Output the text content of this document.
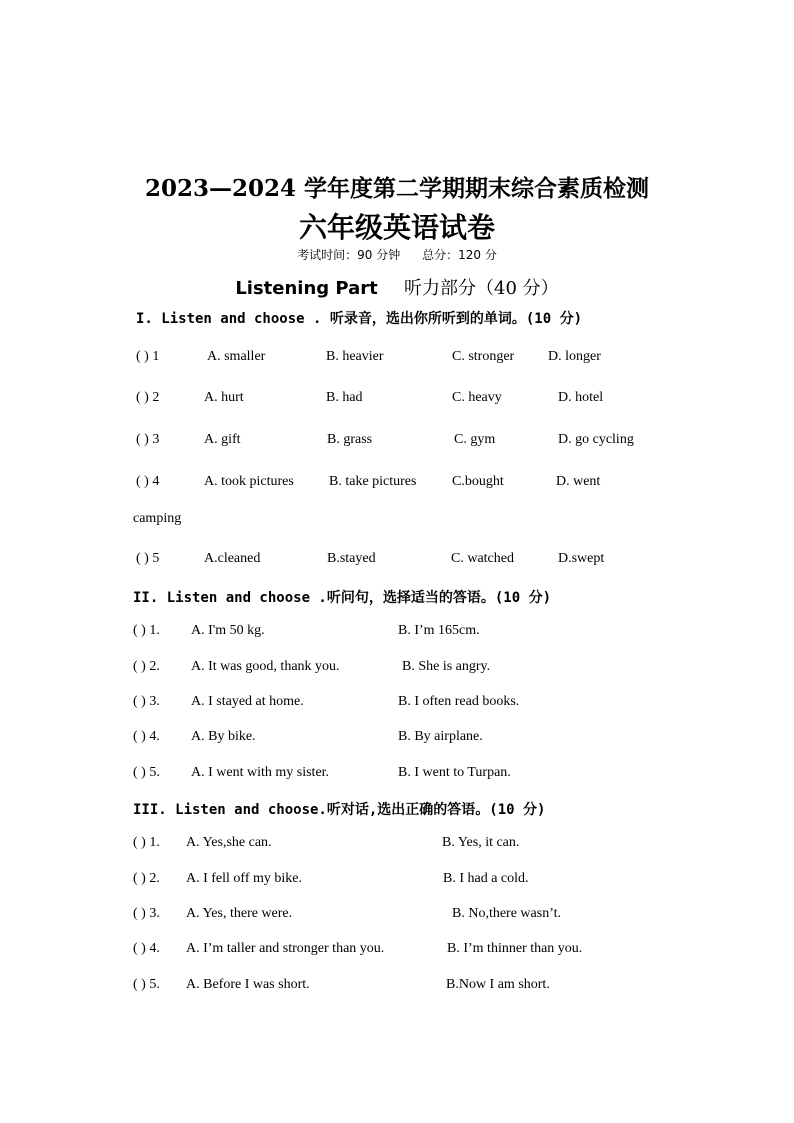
2023—2024 学年度第二学期期末综合素质检测
六年级英语试卷
考试时间：90 分钟 总分：120 分
Listening Part 听力部分（40 分）
I. Listen and choose . 听录音，选出你所听到的单词。(10 分)
( ) 1	A. smaller	B. heavier	C. stronger D. longer
( ) 2	A. hurt	B. had	C. heavy	D. hotel
( ) 3	A. gift	B. grass	C. gym	D. go cycling
( ) 4	A. took pictures	B. take pictures	C.bought	D. went
camping
( ) 5	A.cleaned	B.stayed	C. watched	D.swept
II. Listen and choose .听问句，选择适当的答语。(10 分)
( ) 1. A. I'm 50 kg.	B. I’m 165cm.
( ) 2. A. It was good, thank you.	B. She is angry.
( ) 3. A. I stayed at home.	B. I often read books.
( ) 4. A. By bike.	B. By airplane.
( ) 5. A. I went with my sister.	B. I went to Turpan.
III. Listen and choose.听对话,选出正确的答语。(10 分)
( ) 1. A. Yes,she can.	B. Yes, it can.
( ) 2. A. I fell off my bike.	B. I had a cold.
( ) 3. A. Yes, there were.	B. No,there wasn’t.
( ) 4. A. I’m taller and stronger than you.	B. I’m thinner than you.
( ) 5. A. Before I was short.	B.Now I am short.
